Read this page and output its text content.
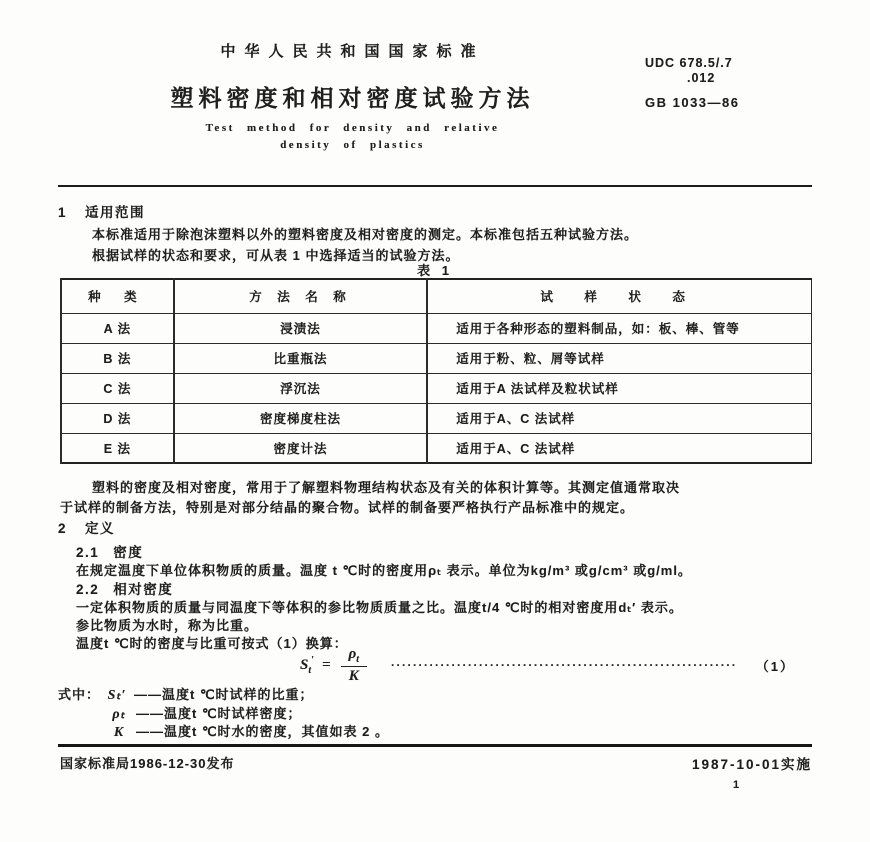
中华人民共和国国家标准
塑料密度和相对密度试验方法
Test method for density and relative
density of plastics
UDC 678.5/.7
.012
GB 1033—86
1 适用范围
本标准适用于除泡沫塑料以外的塑料密度及相对密度的测定。本标准包括五种试验方法。
根据试样的状态和要求，可从表 1 中选择适当的试验方法。
表 1
种 类	方 法 名 称	试 样 状 态
A 法	浸渍法	适用于各种形态的塑料制品，如：板、棒、管等
B 法	比重瓶法	适用于粉、粒、屑等试样
C 法	浮沉法	适用于A 法试样及粒状试样
D 法	密度梯度柱法	适用于A、C 法试样
E 法	密度计法	适用于A、C 法试样
塑料的密度及相对密度，常用于了解塑料物理结构状态及有关的体积计算等。其测定值通常取决
于试样的制备方法，特别是对部分结晶的聚合物。试样的制备要严格执行产品标准中的规定。
2 定义
2.1 密度
在规定温度下单位体积物质的质量。温度 t ℃时的密度用ρₜ 表示。单位为kg/m³ 或g/cm³ 或g/ml。
2.2 相对密度
一定体积物质的质量与同温度下等体积的参比物质质量之比。温度t/4 ℃时的相对密度用dₜ′ 表示。
参比物质为水时，称为比重。
温度t ℃时的密度与比重可按式（1）换算：
$S_t' = \frac{\rho_t}{K}$ ·······························································	（1）
式中： Sₜ′ ——温度t ℃时试样的比重；
ρₜ ——温度t ℃时试样密度；
K ——温度t ℃时水的密度，其值如表 2 。
国家标准局1986-12-30发布	1987-10-01实施
1
